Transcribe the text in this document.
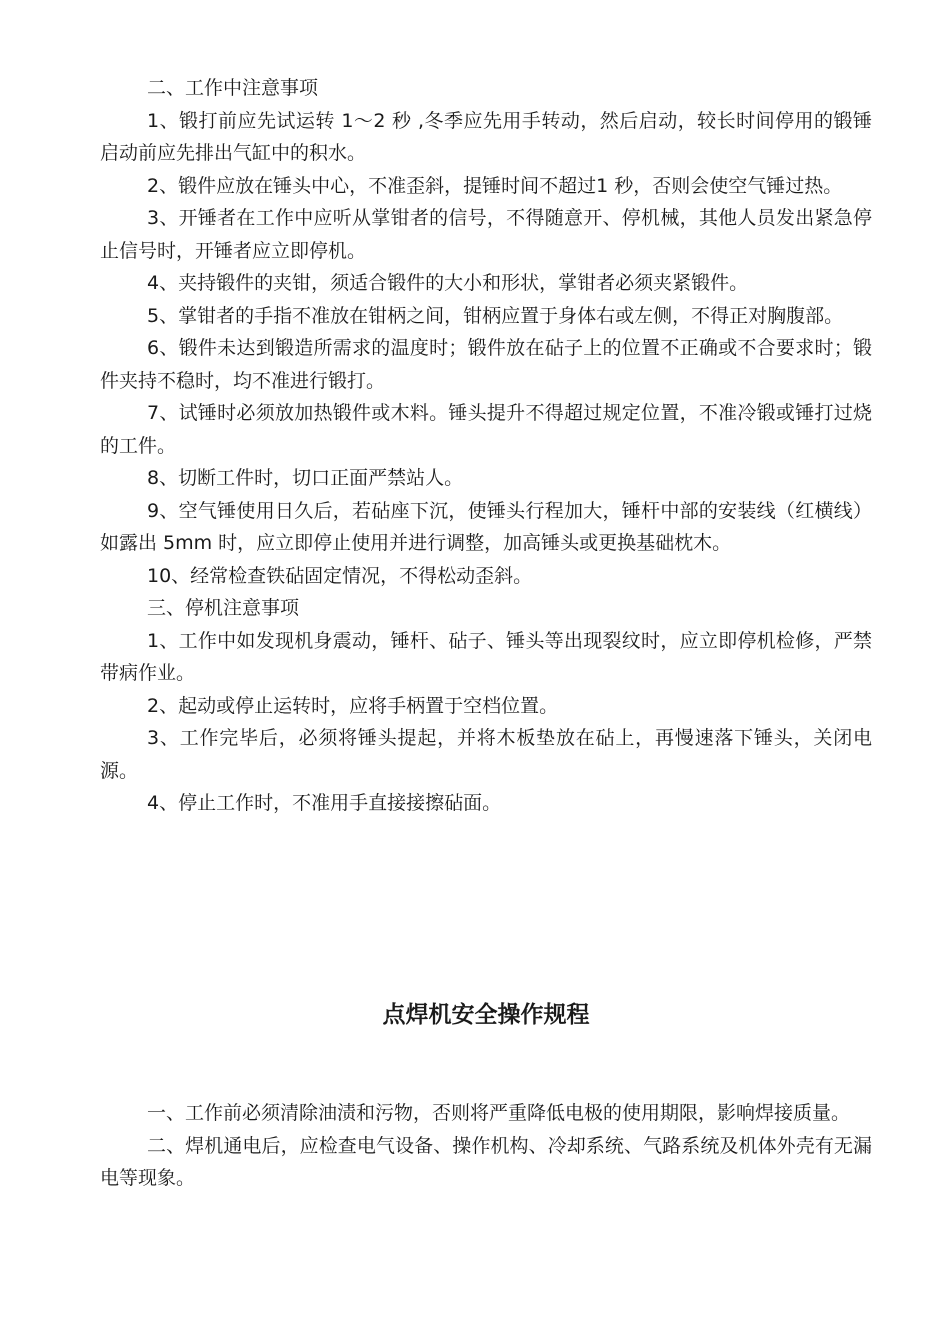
二、工作中注意事项

1、锻打前应先试运转 1～2 秒 ,冬季应先用手转动，然后启动，较长时间停用的锻锤启动前应先排出气缸中的积水。

2、锻件应放在锤头中心，不准歪斜，提锤时间不超过1 秒，否则会使空气锤过热。

3、开锤者在工作中应听从掌钳者的信号，不得随意开、停机械，其他人员发出紧急停止信号时，开锤者应立即停机。

4、夹持锻件的夹钳，须适合锻件的大小和形状，掌钳者必须夹紧锻件。

5、掌钳者的手指不准放在钳柄之间，钳柄应置于身体右或左侧，不得正对胸腹部。

6、锻件未达到锻造所需求的温度时；锻件放在砧子上的位置不正确或不合要求时；锻件夹持不稳时，均不准进行锻打。

7、试锤时必须放加热锻件或木料。锤头提升不得超过规定位置，不准冷锻或锤打过烧的工件。

8、切断工件时，切口正面严禁站人。

9、空气锤使用日久后，若砧座下沉，使锤头行程加大，锤杆中部的安装线（红横线）如露出 5mm 时，应立即停止使用并进行调整，加高锤头或更换基础枕木。

10、经常检查铁砧固定情况，不得松动歪斜。

三、停机注意事项

1、工作中如发现机身震动，锤杆、砧子、锤头等出现裂纹时，应立即停机检修，严禁带病作业。

2、起动或停止运转时，应将手柄置于空档位置。

3、工作完毕后，必须将锤头提起，并将木板垫放在砧上，再慢速落下锤头，关闭电源。

4、停止工作时，不准用手直接接擦砧面。

点焊机安全操作规程

一、工作前必须清除油渍和污物，否则将严重降低电极的使用期限，影响焊接质量。

二、焊机通电后，应检查电气设备、操作机构、冷却系统、气路系统及机体外壳有无漏电等现象。
